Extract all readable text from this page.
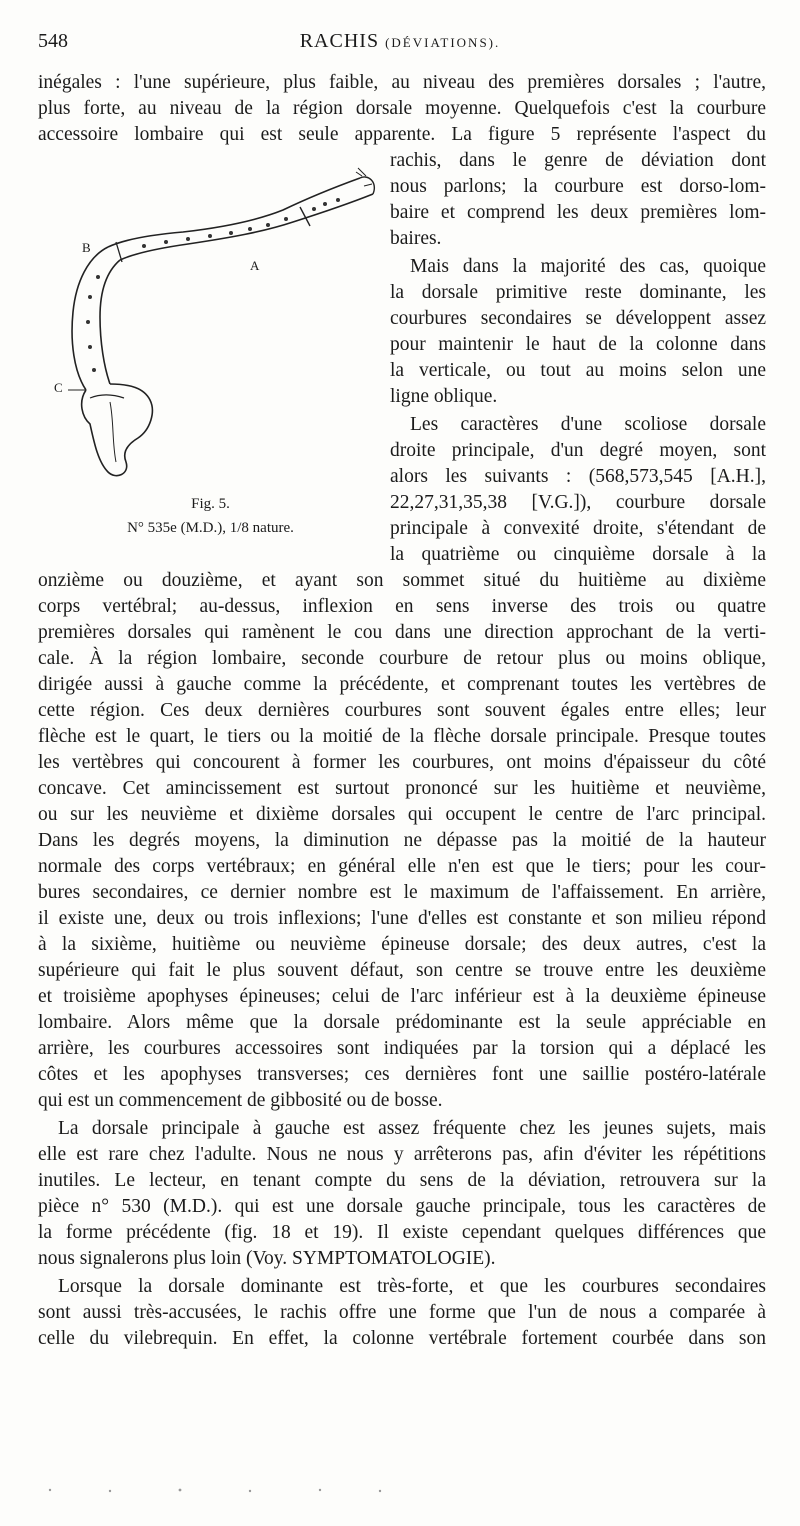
548	RACHIS (DÉVIATIONS).
A
B
C
Fig. 5.
N° 535e (M.D.), 1/8 nature.
inégales : l'une supérieure, plus faible, au niveau des premières dorsales ; l'autre,
plus forte, au niveau de la région dorsale moyenne. Quelquefois c'est la courbure
accessoire lombaire qui est seule apparente. La figure 5 représente l'aspect du
rachis, dans le genre de déviation dont
nous parlons; la courbure est dorso-lom-
baire et comprend les deux premières lom-
baires.
Mais dans la majorité des cas, quoique
la dorsale primitive reste dominante, les
courbures secondaires se développent assez
pour maintenir le haut de la colonne dans
la verticale, ou tout au moins selon une
ligne oblique.
Les caractères d'une scoliose dorsale
droite principale, d'un degré moyen, sont
alors les suivants : (568,573,545 [A.H.],
22,27,31,35,38 [V.G.]), courbure dorsale
principale à convexité droite, s'étendant de
la quatrième ou cinquième dorsale à la
onzième ou douzième, et ayant son sommet situé du huitième au dixième
corps vertébral; au-dessus, inflexion en sens inverse des trois ou quatre
premières dorsales qui ramènent le cou dans une direction approchant de la verti-
cale. À la région lombaire, seconde courbure de retour plus ou moins oblique,
dirigée aussi à gauche comme la précédente, et comprenant toutes les vertèbres de
cette région. Ces deux dernières courbures sont souvent égales entre elles; leur
flèche est le quart, le tiers ou la moitié de la flèche dorsale principale. Presque toutes
les vertèbres qui concourent à former les courbures, ont moins d'épaisseur du côté
concave. Cet amincissement est surtout prononcé sur les huitième et neuvième,
ou sur les neuvième et dixième dorsales qui occupent le centre de l'arc principal.
Dans les degrés moyens, la diminution ne dépasse pas la moitié de la hauteur
normale des corps vertébraux; en général elle n'en est que le tiers; pour les cour-
bures secondaires, ce dernier nombre est le maximum de l'affaissement. En arrière,
il existe une, deux ou trois inflexions; l'une d'elles est constante et son milieu répond
à la sixième, huitième ou neuvième épineuse dorsale; des deux autres, c'est la
supérieure qui fait le plus souvent défaut, son centre se trouve entre les deuxième
et troisième apophyses épineuses; celui de l'arc inférieur est à la deuxième épineuse
lombaire. Alors même que la dorsale prédominante est la seule appréciable en
arrière, les courbures accessoires sont indiquées par la torsion qui a déplacé les
côtes et les apophyses transverses; ces dernières font une saillie postéro-latérale
qui est un commencement de gibbosité ou de bosse.
La dorsale principale à gauche est assez fréquente chez les jeunes sujets, mais
elle est rare chez l'adulte. Nous ne nous y arrêterons pas, afin d'éviter les répétitions
inutiles. Le lecteur, en tenant compte du sens de la déviation, retrouvera sur la
pièce n° 530 (M.D.). qui est une dorsale gauche principale, tous les caractères de
la forme précédente (fig. 18 et 19). Il existe cependant quelques différences que
nous signalerons plus loin (Voy. SYMPTOMATOLOGIE).
Lorsque la dorsale dominante est très-forte, et que les courbures secondaires
sont aussi très-accusées, le rachis offre une forme que l'un de nous a comparée à
celle du vilebrequin. En effet, la colonne vertébrale fortement courbée dans son
